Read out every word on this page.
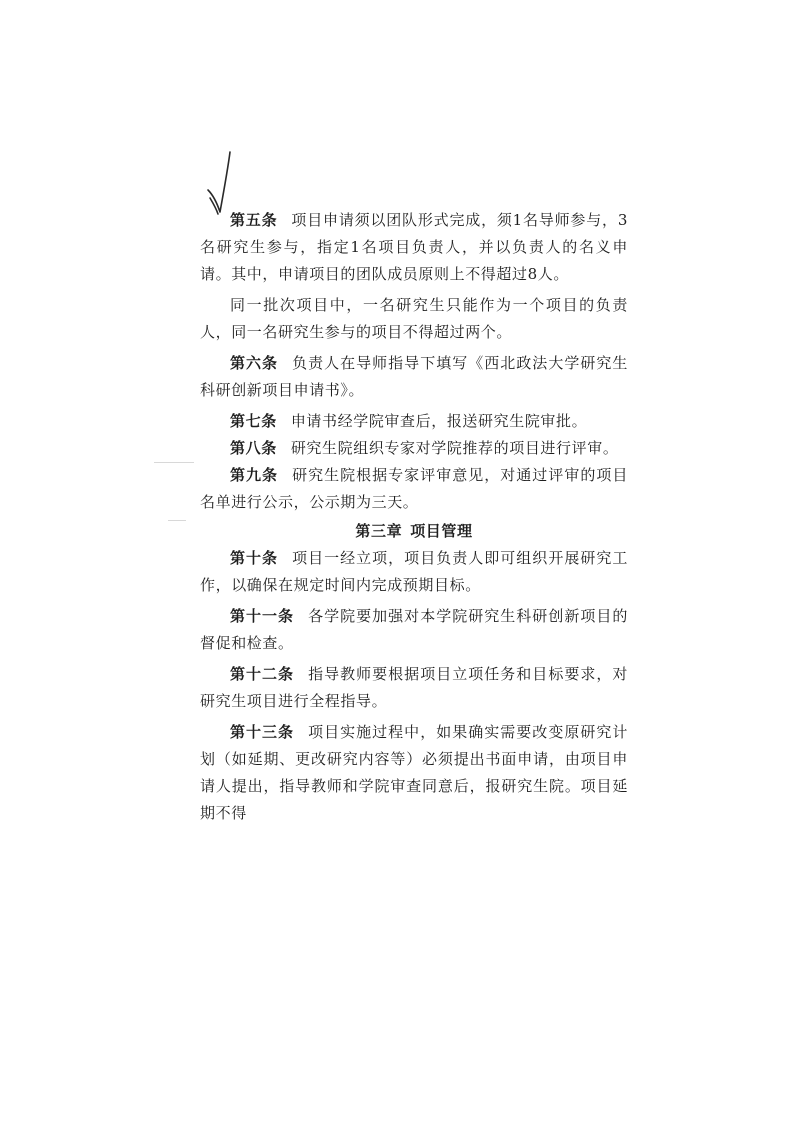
第五条 项目申请须以团队形式完成，须1名导师参与，3名研究生参与，指定1名项目负责人，并以负责人的名义申请。其中，申请项目的团队成员原则上不得超过8人。

同一批次项目中，一名研究生只能作为一个项目的负责人，同一名研究生参与的项目不得超过两个。

第六条 负责人在导师指导下填写《西北政法大学研究生科研创新项目申请书》。

第七条 申请书经学院审查后，报送研究生院审批。

第八条 研究生院组织专家对学院推荐的项目进行评审。

第九条 研究生院根据专家评审意见，对通过评审的项目名单进行公示，公示期为三天。

第三章 项目管理

第十条 项目一经立项，项目负责人即可组织开展研究工作，以确保在规定时间内完成预期目标。

第十一条 各学院要加强对本学院研究生科研创新项目的督促和检查。

第十二条 指导教师要根据项目立项任务和目标要求，对研究生项目进行全程指导。

第十三条 项目实施过程中，如果确实需要改变原研究计划（如延期、更改研究内容等）必须提出书面申请，由项目申请人提出，指导教师和学院审查同意后，报研究生院。项目延期不得
